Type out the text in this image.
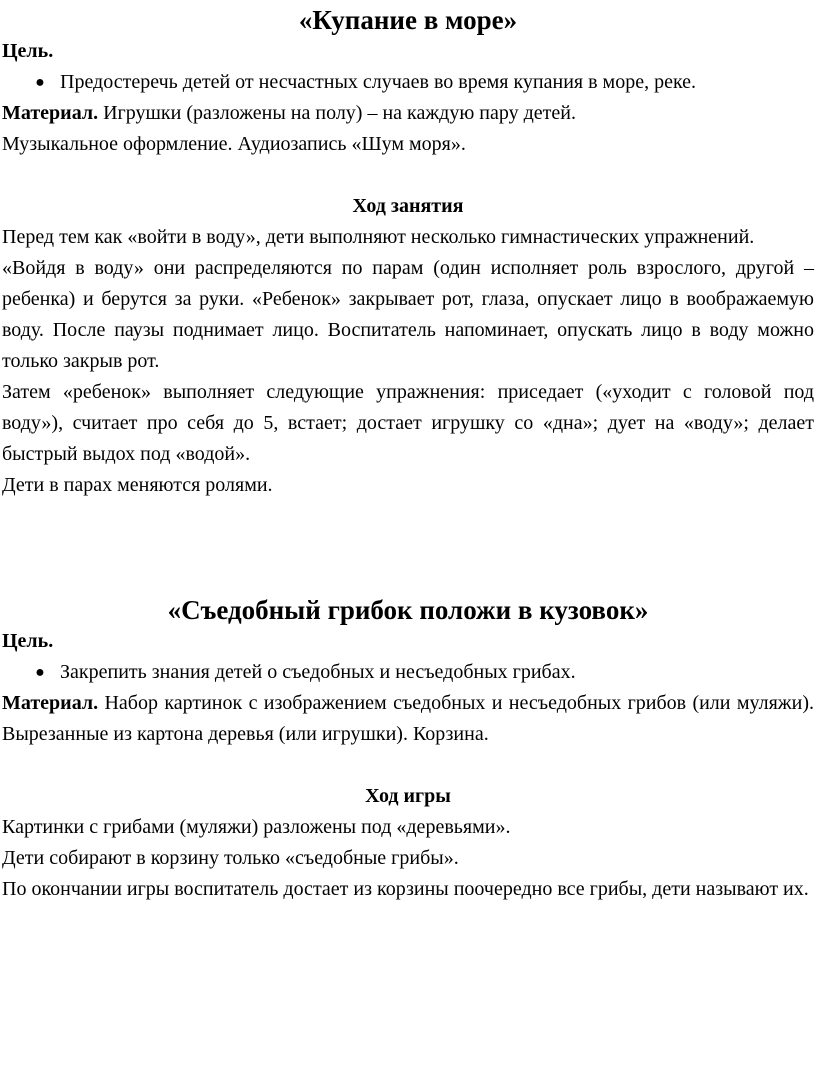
«Купание в море»

Цель.

● Предостеречь детей от несчастных случаев во время купания в море, реке.

Материал. Игрушки (разложены на полу) – на каждую пару детей.

Музыкальное оформление. Аудиозапись «Шум моря».

Ход занятия

Перед тем как «войти в воду», дети выполняют несколько гимнастических упражнений.

«Войдя в воду» они распределяются по парам (один исполняет роль взрослого, другой – ребенка) и берутся за руки. «Ребенок» закрывает рот, глаза, опускает лицо в воображаемую воду. После паузы поднимает лицо. Воспитатель напоминает, опускать лицо в воду можно только закрыв рот.

Затем «ребенок» выполняет следующие упражнения: приседает («уходит с головой под воду»), считает про себя до 5, встает; достает игрушку со «дна»; дует на «воду»; делает быстрый выдох под «водой».

Дети в парах меняются ролями.

«Съедобный грибок положи в кузовок»

Цель.

● Закрепить знания детей о съедобных и несъедобных грибах.

Материал. Набор картинок с изображением съедобных и несъедобных грибов (или муляжи). Вырезанные из картона деревья (или игрушки). Корзина.

Ход игры

Картинки с грибами (муляжи) разложены под «деревьями».

Дети собирают в корзину только «съедобные грибы».

По окончании игры воспитатель достает из корзины поочередно все грибы, дети называют их.
